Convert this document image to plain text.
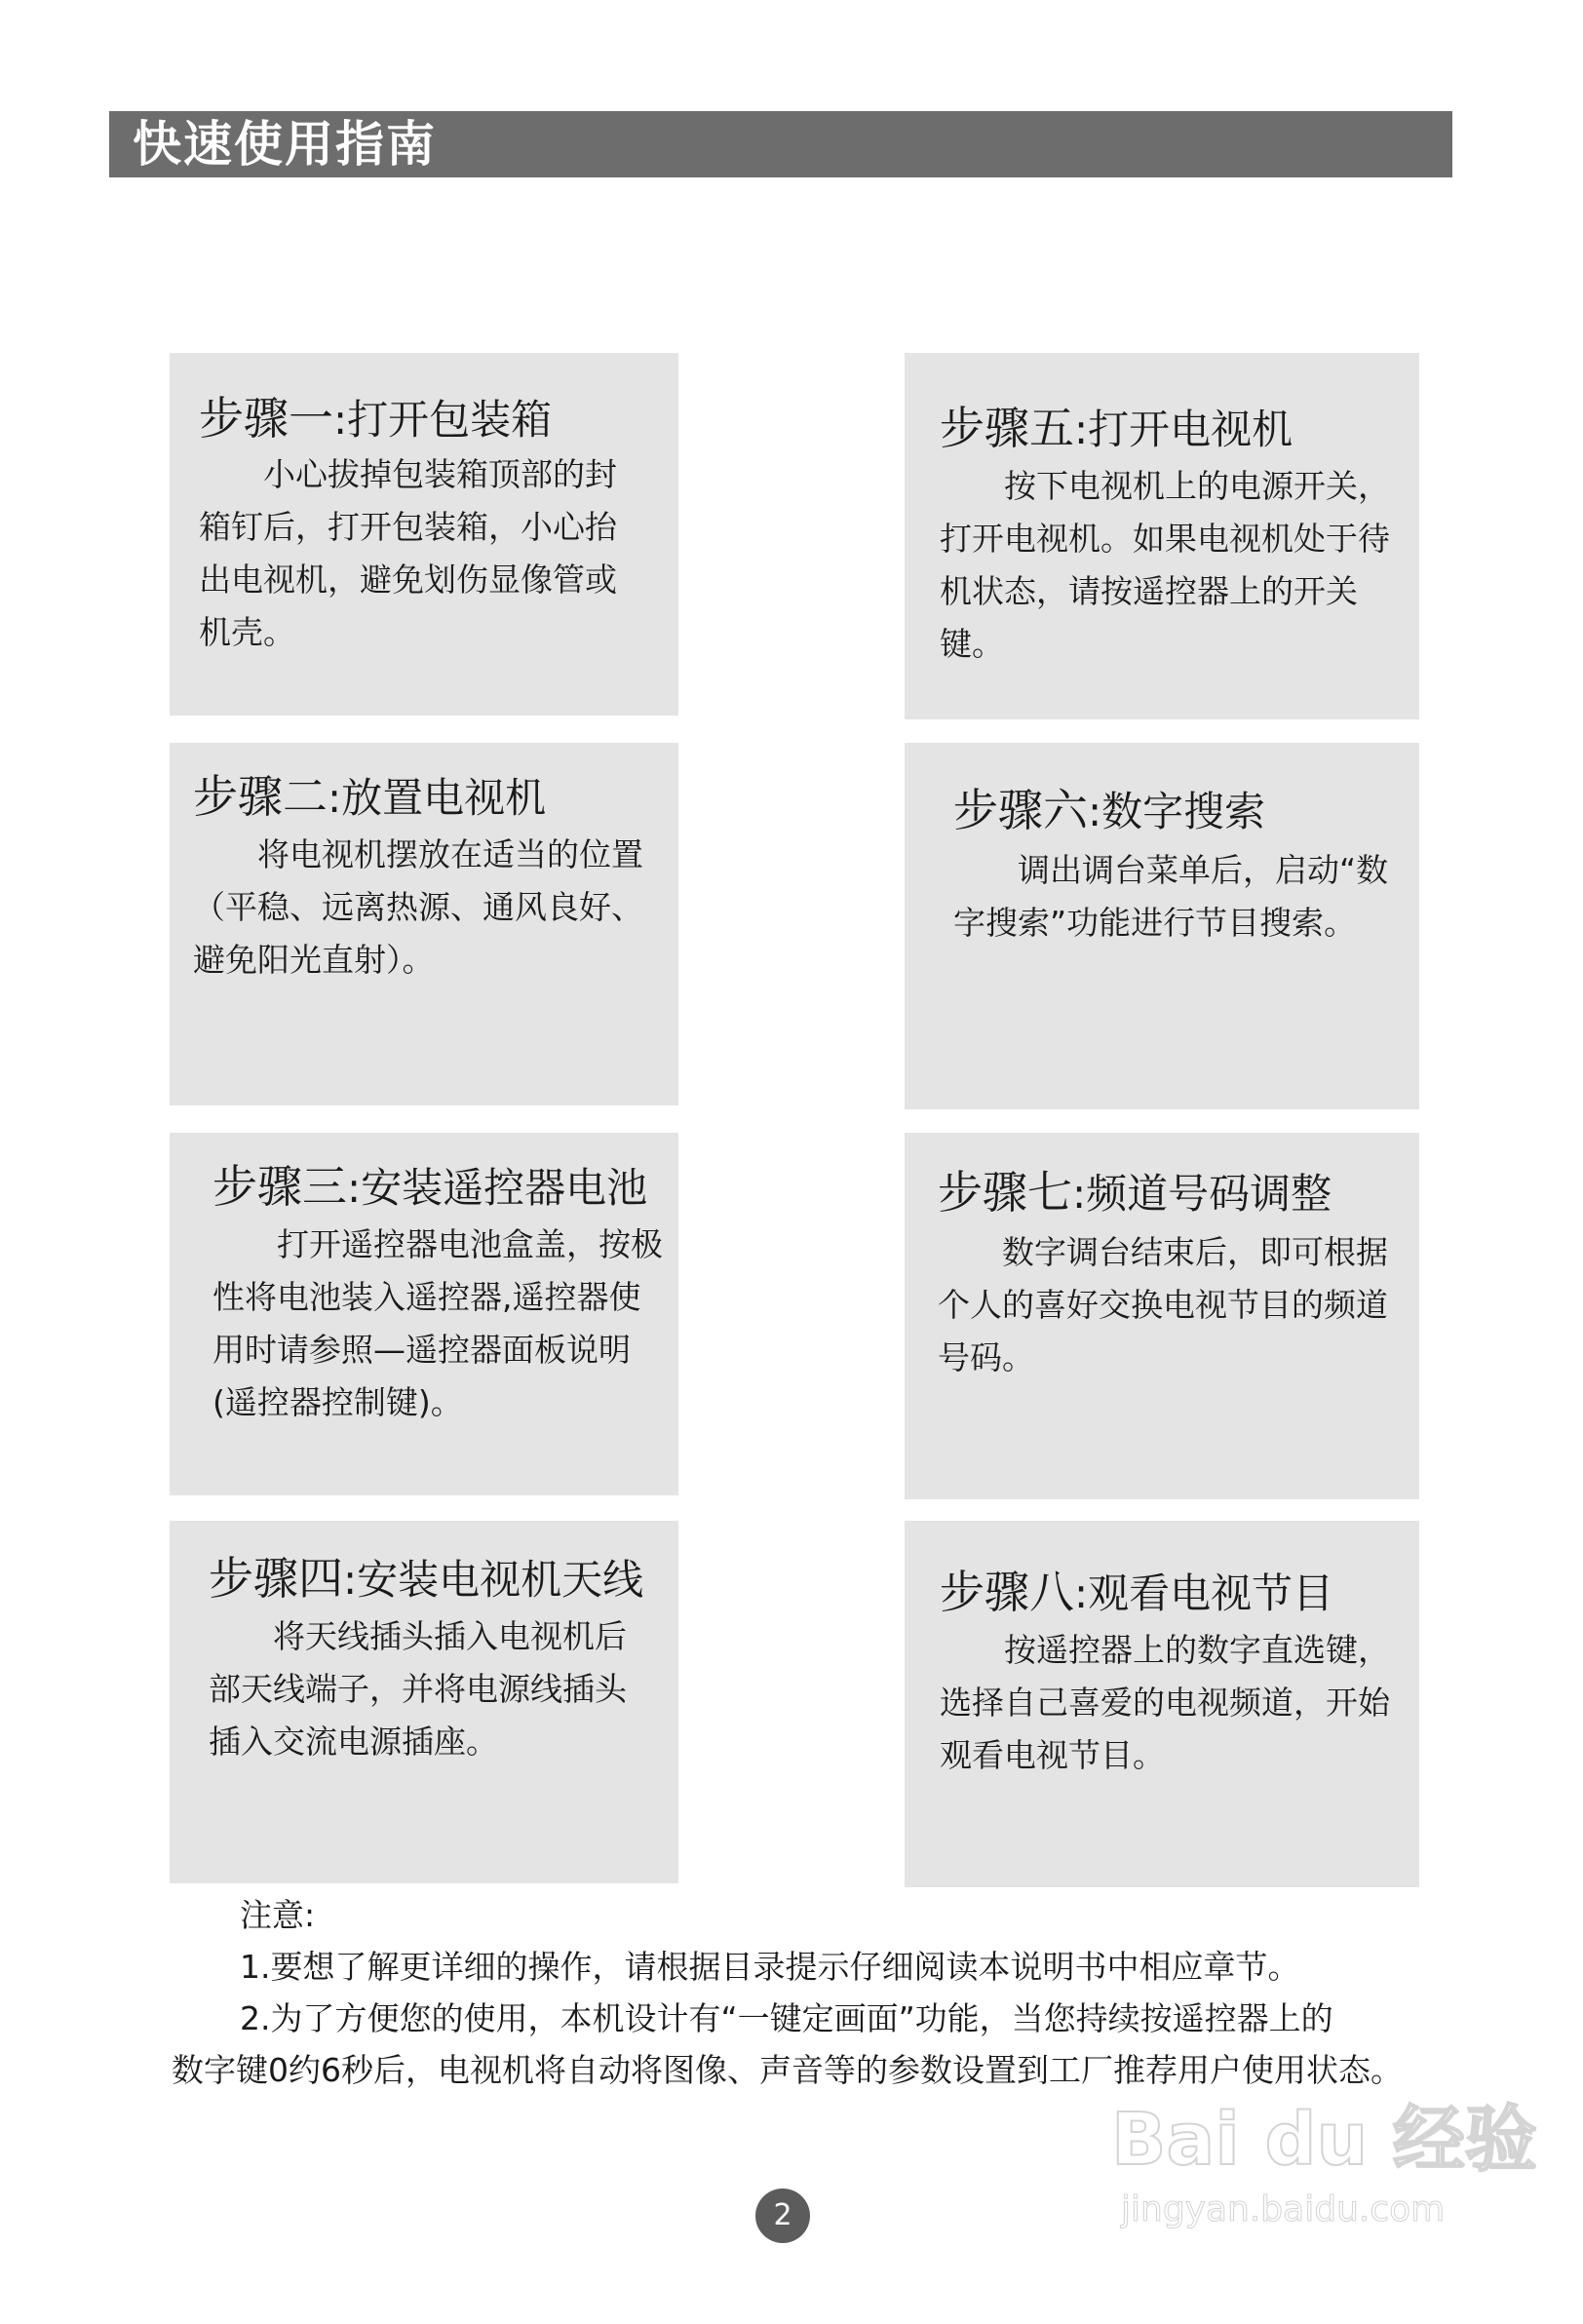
快速使用指南
步骤一:打开包装箱

小心拔掉包装箱顶部的封箱钉后，打开包装箱，小心抬出电视机，避免划伤显像管或机壳。

步骤二:放置电视机

将电视机摆放在适当的位置（平稳、远离热源、通风良好、避免阳光直射）。

步骤三:安装遥控器电池

打开遥控器电池盒盖，按极性将电池装入遥控器,遥控器使用时请参照—遥控器面板说明(遥控器控制键)。

步骤四:安装电视机天线

将天线插头插入电视机后部天线端子，并将电源线插头插入交流电源插座。

步骤五:打开电视机

按下电视机上的电源开关，打开电视机。如果电视机处于待机状态，请按遥控器上的开关键。

步骤六:数字搜索

调出调台菜单后，启动“数字搜索”功能进行节目搜索。

步骤七:频道号码调整

数字调台结束后，即可根据个人的喜好交换电视节目的频道号码。

步骤八:观看电视节目

按遥控器上的数字直选键，选择自己喜爱的电视频道，开始观看电视节目。

注意:

1.要想了解更详细的操作，请根据目录提示仔细阅读本说明书中相应章节。

2.为了方便您的使用，本机设计有“一键定画面”功能，当您持续按遥控器上的

数字键0约6秒后，电视机将自动将图像、声音等的参数设置到工厂推荐用户使用状态。

2
Bai du 经验
jingyan.baidu.com
